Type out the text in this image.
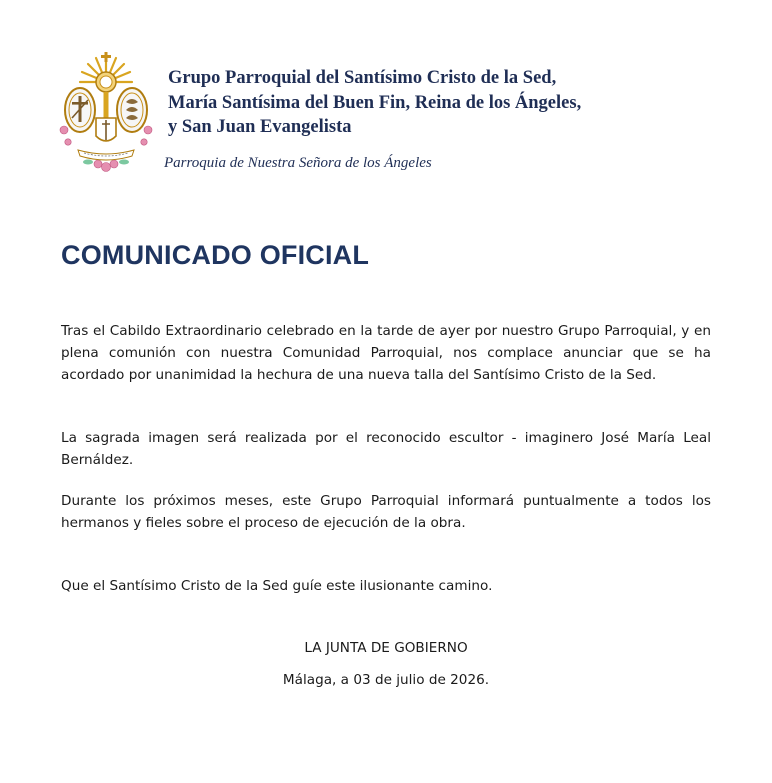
Grupo Parroquial del Santísimo Cristo de la Sed,
María Santísima del Buen Fin, Reina de los Ángeles,
y San Juan Evangelista
Parroquia de Nuestra Señora de los Ángeles
COMUNICADO OFICIAL
Tras el Cabildo Extraordinario celebrado en la tarde de ayer por nuestro Grupo Parroquial, y en plena comunión con nuestra Comunidad Parroquial, nos complace anunciar que se ha acordado por unanimidad la hechura de una nueva talla del Santísimo Cristo de la Sed.
La sagrada imagen será realizada por el reconocido escultor - imaginero José María Leal Bernáldez.
Durante los próximos meses, este Grupo Parroquial informará puntualmente a todos los hermanos y fieles sobre el proceso de ejecución de la obra.
Que el Santísimo Cristo de la Sed guíe este ilusionante camino.
LA JUNTA DE GOBIERNO
Málaga, a 03 de julio de 2026.
